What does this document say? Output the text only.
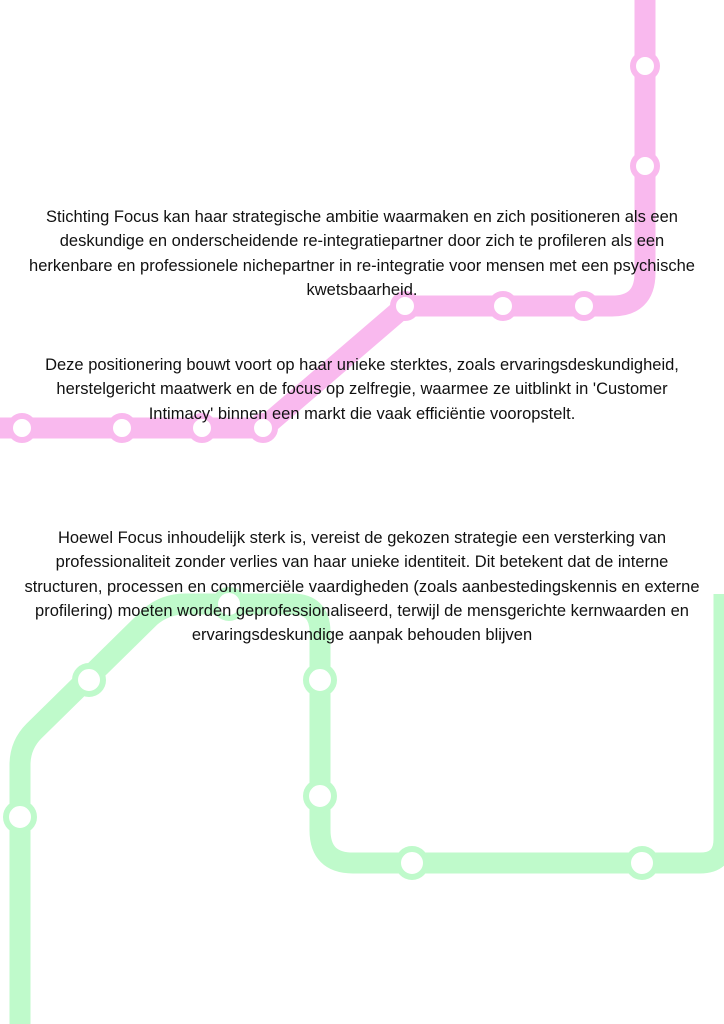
Stichting Focus kan haar strategische ambitie waarmaken en zich positioneren als een deskundige en onderscheidende re-integratiepartner door zich te profileren als een herkenbare en professionele nichepartner in re-integratie voor mensen met een psychische kwetsbaarheid.

Deze positionering bouwt voort op haar unieke sterktes, zoals ervaringsdeskundigheid, herstelgericht maatwerk en de focus op zelfregie, waarmee ze uitblinkt in 'Customer Intimacy' binnen een markt die vaak efficiëntie vooropstelt.

Hoewel Focus inhoudelijk sterk is, vereist de gekozen strategie een versterking van professionaliteit zonder verlies van haar unieke identiteit. Dit betekent dat de interne structuren, processen en commerciële vaardigheden (zoals aanbestedingskennis en externe profilering) moeten worden geprofessionaliseerd, terwijl de mensgerichte kernwaarden en ervaringsdeskundige aanpak behouden blijven
